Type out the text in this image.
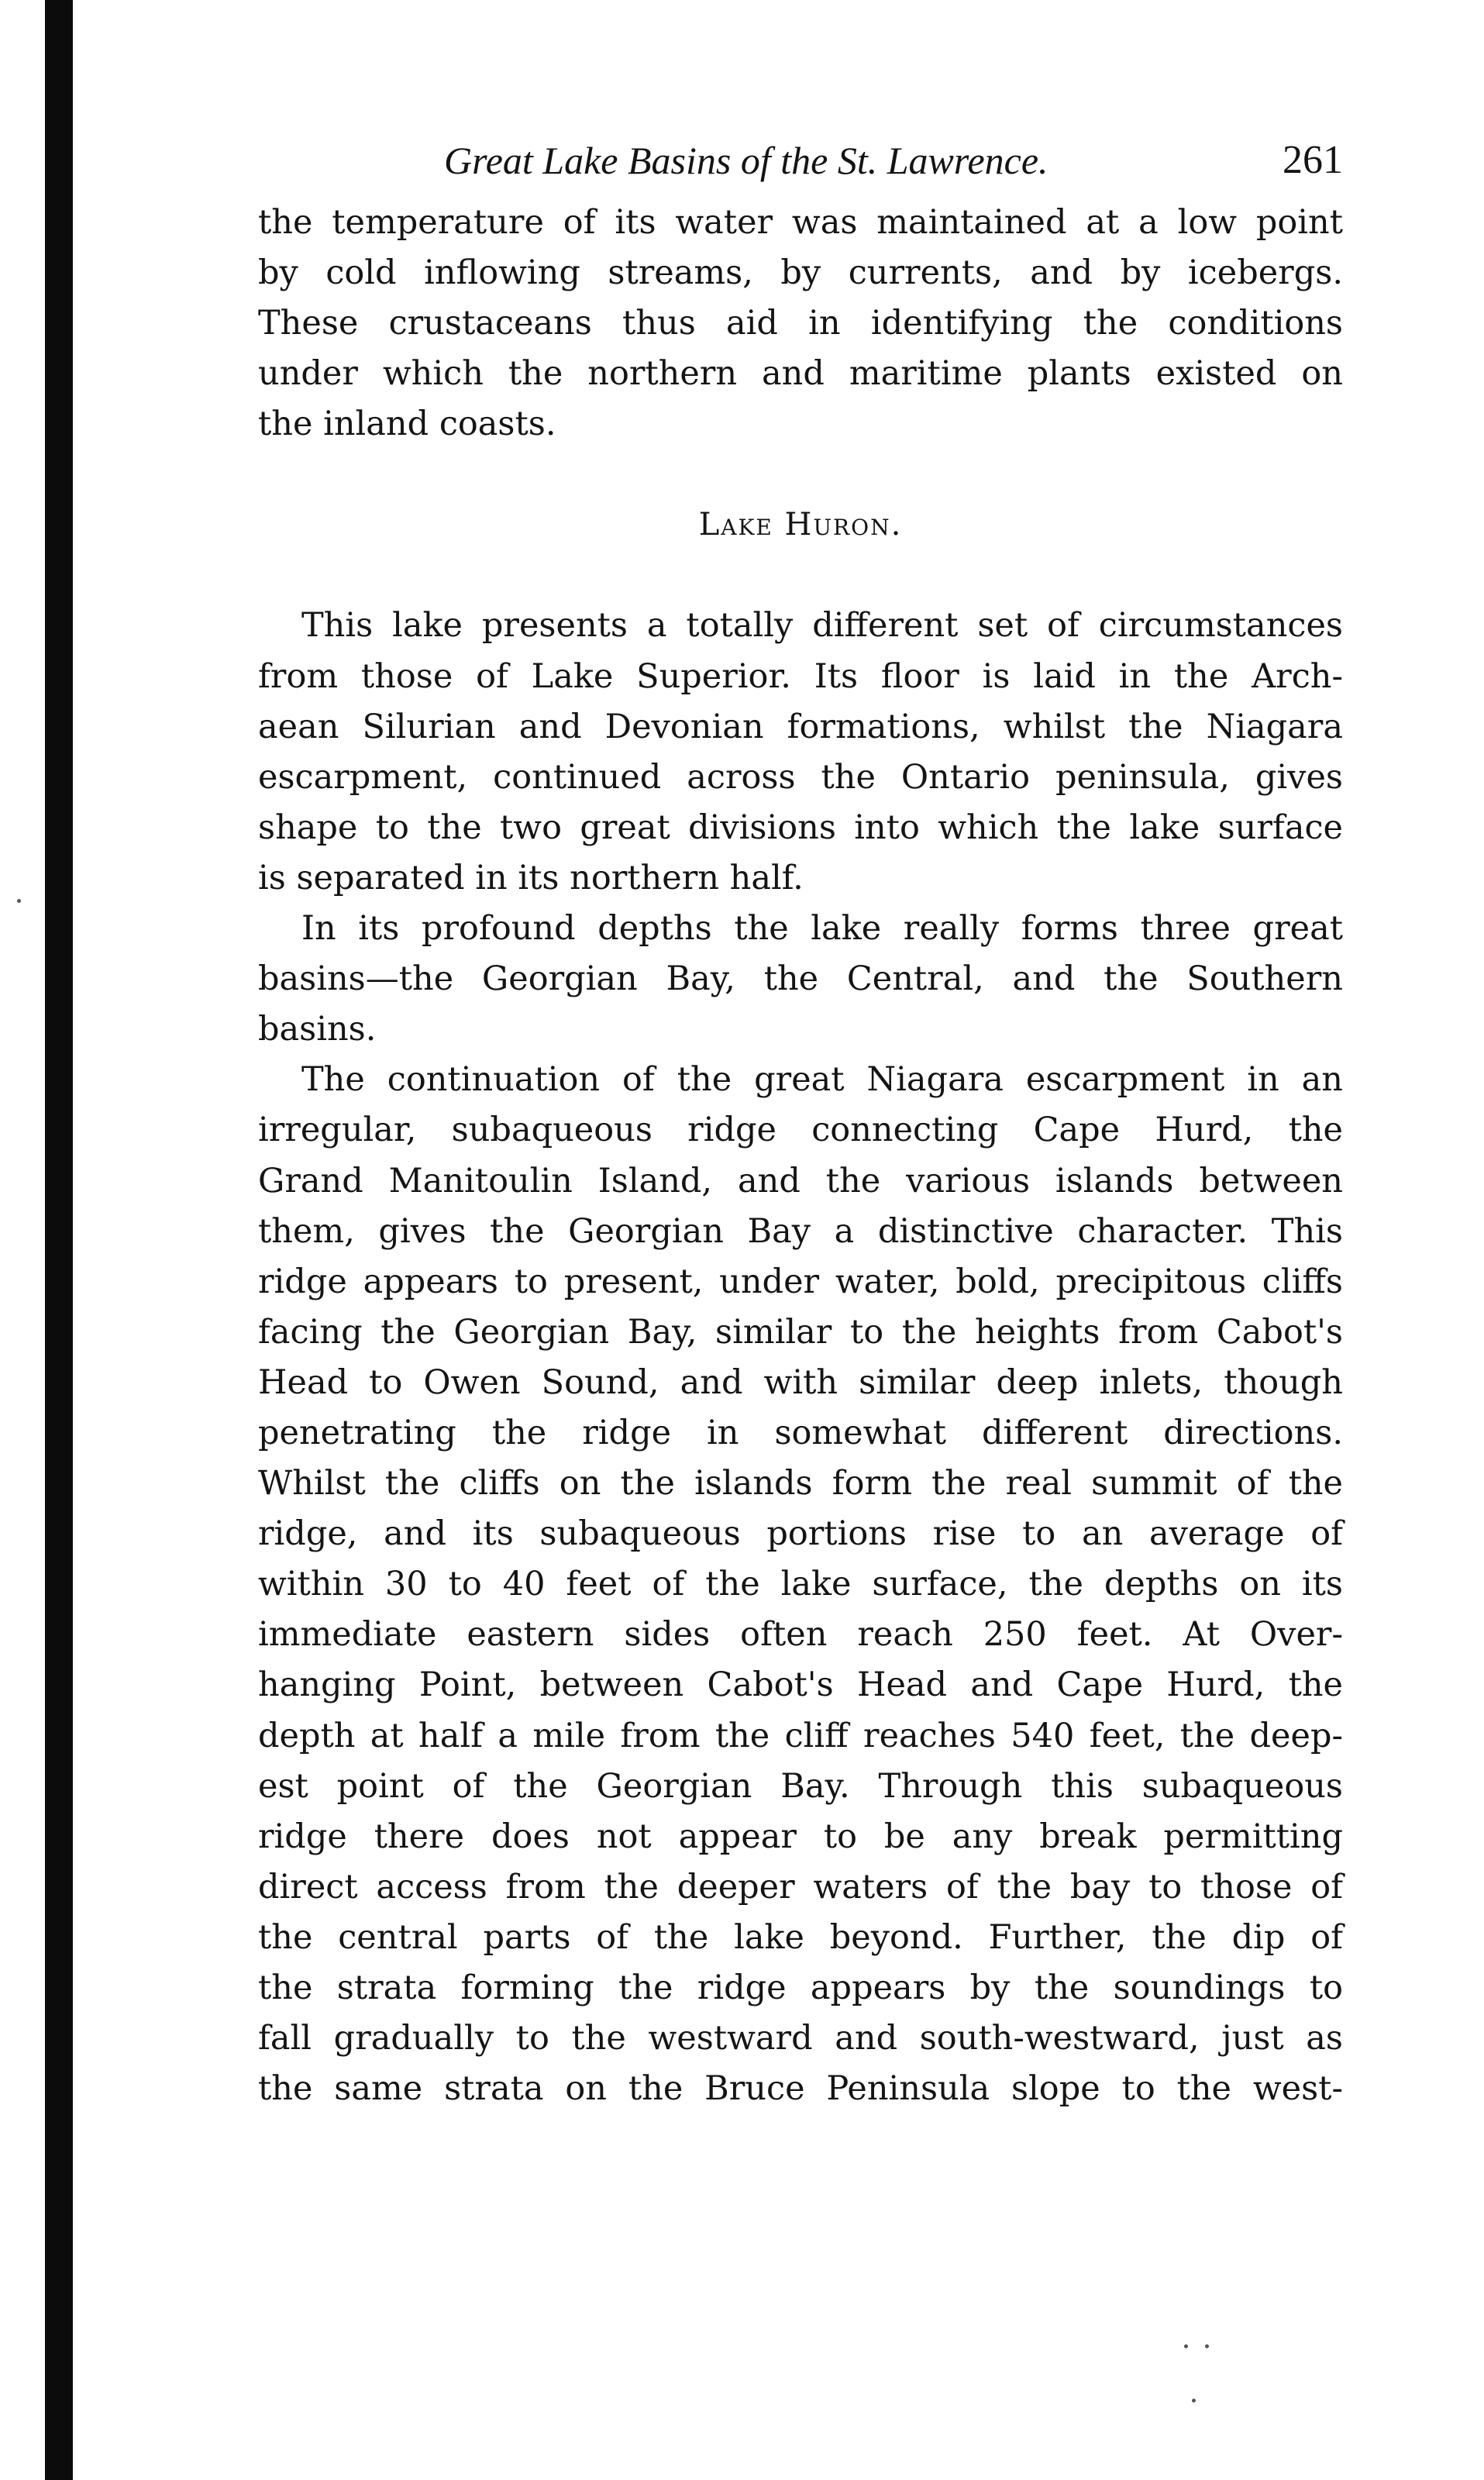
Great Lake Basins of the St. Lawrence.	261
the temperature of its water was maintained at a low point
by cold inflowing streams, by currents, and by icebergs.
These crustaceans thus aid in identifying the conditions
under which the northern and maritime plants existed on
the inland coasts.
Lake Huron.
This lake presents a totally different set of circumstances
from those of Lake Superior. Its floor is laid in the Arch-
aean Silurian and Devonian formations, whilst the Niagara
escarpment, continued across the Ontario peninsula, gives
shape to the two great divisions into which the lake surface
is separated in its northern half.
In its profound depths the lake really forms three great
basins—the Georgian Bay, the Central, and the Southern
basins.
The continuation of the great Niagara escarpment in an
irregular, subaqueous ridge connecting Cape Hurd, the
Grand Manitoulin Island, and the various islands between
them, gives the Georgian Bay a distinctive character. This
ridge appears to present, under water, bold, precipitous cliffs
facing the Georgian Bay, similar to the heights from Cabot's
Head to Owen Sound, and with similar deep inlets, though
penetrating the ridge in somewhat different directions.
Whilst the cliffs on the islands form the real summit of the
ridge, and its subaqueous portions rise to an average of
within 30 to 40 feet of the lake surface, the depths on its
immediate eastern sides often reach 250 feet. At Over-
hanging Point, between Cabot's Head and Cape Hurd, the
depth at half a mile from the cliff reaches 540 feet, the deep-
est point of the Georgian Bay. Through this subaqueous
ridge there does not appear to be any break permitting
direct access from the deeper waters of the bay to those of
the central parts of the lake beyond. Further, the dip of
the strata forming the ridge appears by the soundings to
fall gradually to the westward and south-westward, just as
the same strata on the Bruce Peninsula slope to the west-
